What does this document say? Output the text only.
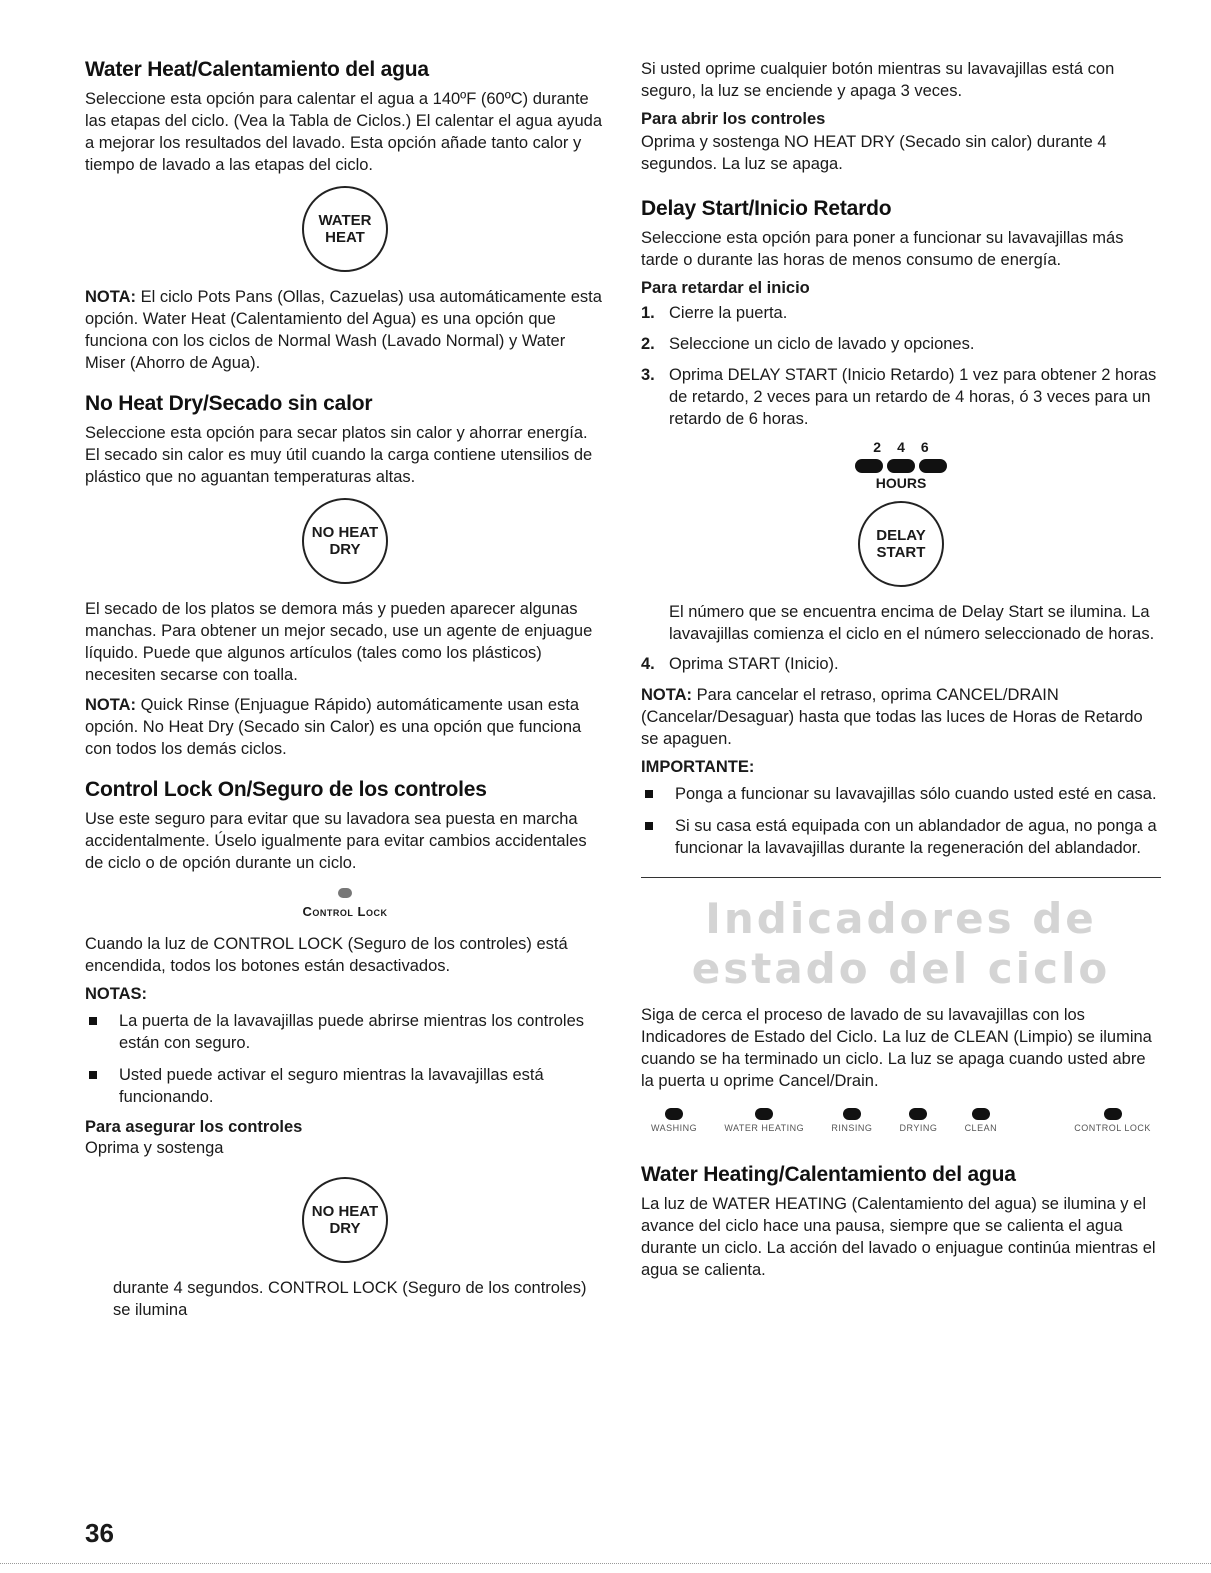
Water Heat/Calentamiento del agua

Seleccione esta opción para calentar el agua a 140ºF (60ºC) durante las etapas del ciclo. (Vea la Tabla de Ciclos.) El calentar el agua ayuda a mejorar los resultados del lavado. Esta opción añade tanto calor y tiempo de lavado a las etapas del ciclo.

WATER
HEAT

NOTA: El ciclo Pots Pans (Ollas, Cazuelas) usa automáticamente esta opción. Water Heat (Calentamiento del Agua) es una opción que funciona con los ciclos de Normal Wash (Lavado Normal) y Water Miser (Ahorro de Agua).

No Heat Dry/Secado sin calor

Seleccione esta opción para secar platos sin calor y ahorrar energía. El secado sin calor es muy útil cuando la carga contiene utensilios de plástico que no aguantan temperaturas altas.

NO HEAT
DRY

El secado de los platos se demora más y pueden aparecer algunas manchas. Para obtener un mejor secado, use un agente de enjuague líquido. Puede que algunos artículos (tales como los plásticos) necesiten secarse con toalla.

NOTA: Quick Rinse (Enjuague Rápido) automáticamente usan esta opción. No Heat Dry (Secado sin Calor) es una opción que funciona con todos los demás ciclos.

Control Lock On/Seguro de los controles

Use este seguro para evitar que su lavadora sea puesta en marcha accidentalmente. Úselo igualmente para evitar cambios accidentales de ciclo o de opción durante un ciclo.

Control Lock

Cuando la luz de CONTROL LOCK (Seguro de los controles) está encendida, todos los botones están desactivados.

NOTAS:
La puerta de la lavavajillas puede abrirse mientras los controles están con seguro.
Usted puede activar el seguro mientras la lavavajillas está funcionando.
Para asegurar los controles

Oprima y sostenga

NO HEAT
DRY

durante 4 segundos. CONTROL LOCK (Seguro de los controles) se ilumina

Si usted oprime cualquier botón mientras su lavavajillas está con seguro, la luz se enciende y apaga 3 veces.

Para abrir los controles

Oprima y sostenga NO HEAT DRY (Secado sin calor) durante 4 segundos. La luz se apaga.

Delay Start/Inicio Retardo

Seleccione esta opción para poner a funcionar su lavavajillas más tarde o durante las horas de menos consumo de energía.

Para retardar el inicio
1. Cierre la puerta.
2. Seleccione un ciclo de lavado y opciones.
3. Oprima DELAY START (Inicio Retardo) 1 vez para obtener 2 horas de retardo, 2 veces para un retardo de 4 horas, ó 3 veces para un retardo de 6 horas.
2 4 6
HOURS
DELAY
START

El número que se encuentra encima de Delay Start se ilumina. La lavavajillas comienza el ciclo en el número seleccionado de horas.

4. Oprima START (Inicio).

NOTA: Para cancelar el retraso, oprima CANCEL/DRAIN (Cancelar/Desaguar) hasta que todas las luces de Horas de Retardo se apaguen.

IMPORTANTE:
Ponga a funcionar su lavavajillas sólo cuando usted esté en casa.
Si su casa está equipada con un ablandador de agua, no ponga a funcionar la lavavajillas durante la regeneración del ablandador.
Indicadores de
estado del ciclo

Siga de cerca el proceso de lavado de su lavavajillas con los Indicadores de Estado del Ciclo. La luz de CLEAN (Limpio) se ilumina cuando se ha terminado un ciclo. La luz se apaga cuando usted abre la puerta u oprime Cancel/Drain.

WASHING	WATER HEATING	RINSING	DRYING	CLEAN	CONTROL LOCK
Water Heating/Calentamiento del agua

La luz de WATER HEATING (Calentamiento del agua) se ilumina y el avance del ciclo hace una pausa, siempre que se calienta el agua durante un ciclo. La acción del lavado o enjuague continúa mientras el agua se calienta.

36
